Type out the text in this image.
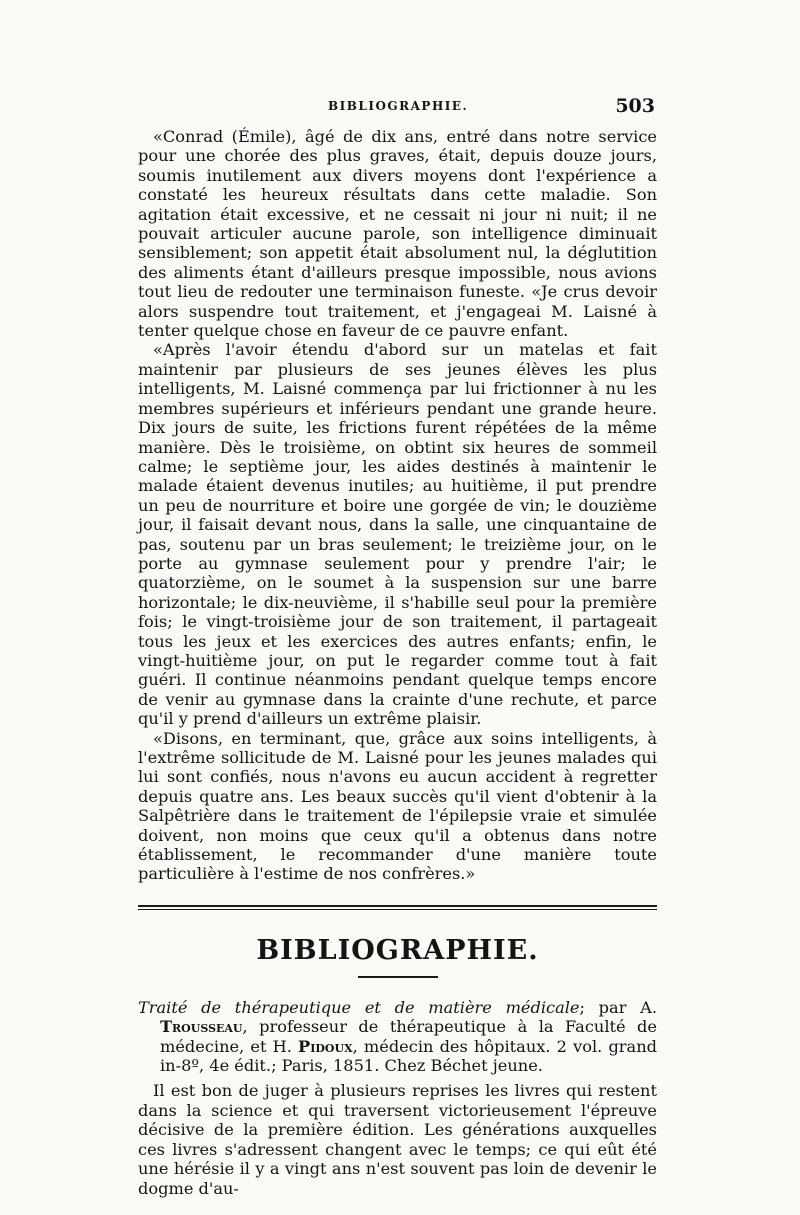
BIBLIOGRAPHIE.	503

«Conrad (Émile), âgé de dix ans, entré dans notre service pour une chorée des plus graves, était, depuis douze jours, soumis inutilement aux divers moyens dont l'expérience a constaté les heureux résultats dans cette maladie. Son agitation était excessive, et ne cessait ni jour ni nuit; il ne pouvait articuler aucune parole, son intelligence diminuait sensiblement; son appetit était absolument nul, la déglutition des aliments étant d'ailleurs presque impossible, nous avions tout lieu de redouter une terminaison funeste. «Je crus devoir alors suspendre tout traitement, et j'engageai M. Laisné à tenter quelque chose en faveur de ce pauvre enfant.

«Après l'avoir étendu d'abord sur un matelas et fait maintenir par plusieurs de ses jeunes élèves les plus intelligents, M. Laisné commença par lui frictionner à nu les membres supérieurs et inférieurs pendant une grande heure. Dix jours de suite, les frictions furent répétées de la même manière. Dès le troisième, on obtint six heures de sommeil calme; le septième jour, les aides destinés à maintenir le malade étaient devenus inutiles; au huitième, il put prendre un peu de nourriture et boire une gorgée de vin; le douzième jour, il faisait devant nous, dans la salle, une cinquantaine de pas, soutenu par un bras seulement; le treizième jour, on le porte au gymnase seulement pour y prendre l'air; le quatorzième, on le soumet à la suspension sur une barre horizontale; le dix-neuvième, il s'habille seul pour la première fois; le vingt-troisième jour de son traitement, il partageait tous les jeux et les exercices des autres enfants; enfin, le vingt-huitième jour, on put le regarder comme tout à fait guéri. Il continue néanmoins pendant quelque temps encore de venir au gymnase dans la crainte d'une rechute, et parce qu'il y prend d'ailleurs un extrême plaisir.

«Disons, en terminant, que, grâce aux soins intelligents, à l'extrême sollicitude de M. Laisné pour les jeunes malades qui lui sont confiés, nous n'avons eu aucun accident à regretter depuis quatre ans. Les beaux succès qu'il vient d'obtenir à la Salpêtrière dans le traitement de l'épilepsie vraie et simulée doivent, non moins que ceux qu'il a obtenus dans notre établissement, le recommander d'une manière toute particulière à l'estime de nos confrères.»

BIBLIOGRAPHIE.

Traité de thérapeutique et de matière médicale; par A. Trousseau, professeur de thérapeutique à la Faculté de médecine, et H. Pidoux, médecin des hôpitaux. 2 vol. grand in-8º, 4e édit.; Paris, 1851. Chez Béchet jeune.

Il est bon de juger à plusieurs reprises les livres qui restent dans la science et qui traversent victorieusement l'épreuve décisive de la première édition. Les générations auxquelles ces livres s'adressent changent avec le temps; ce qui eût été une hérésie il y a vingt ans n'est souvent pas loin de devenir le dogme d'au-
